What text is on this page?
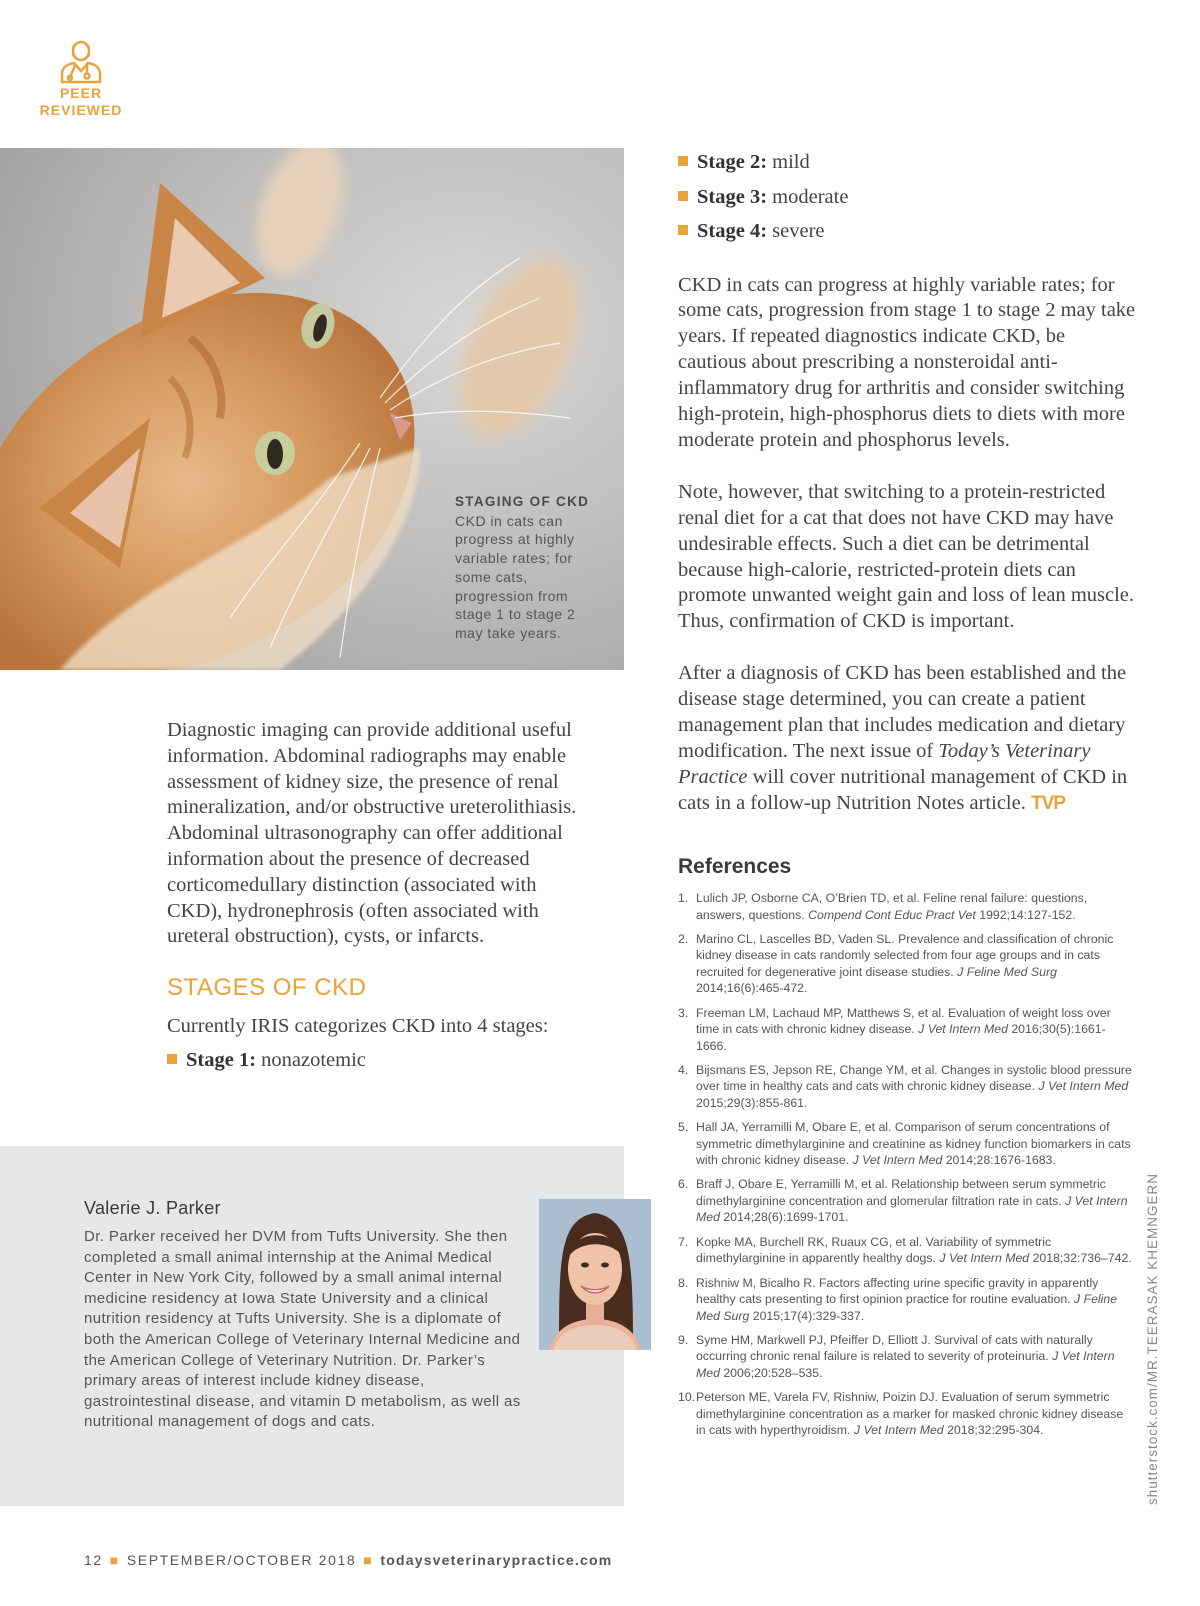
PEER
REVIEWED
STAGING OF CKD
CKD in cats can progress at highly variable rates; for some cats, progression from stage 1 to stage 2 may take years.
Diagnostic imaging can provide additional useful information. Abdominal radiographs may enable assessment of kidney size, the presence of renal mineralization, and/or obstructive ureterolithiasis. Abdominal ultrasonography can offer additional information about the presence of decreased corticomedullary distinction (associated with CKD), hydronephrosis (often associated with ureteral obstruction), cysts, or infarcts.
STAGES OF CKD
Currently IRIS categorizes CKD into 4 stages:
Stage 1: nonazotemic
Stage 2: mild
Stage 3: moderate
Stage 4: severe

CKD in cats can progress at highly variable rates; for some cats, progression from stage 1 to stage 2 may take years. If repeated diagnostics indicate CKD, be cautious about prescribing a nonsteroidal anti-inflammatory drug for arthritis and consider switching high-protein, high-phosphorus diets to diets with more moderate protein and phosphorus levels.

Note, however, that switching to a protein-restricted renal diet for a cat that does not have CKD may have undesirable effects. Such a diet can be detrimental because high-calorie, restricted-protein diets can promote unwanted weight gain and loss of lean muscle. Thus, confirmation of CKD is important.

After a diagnosis of CKD has been established and the disease stage determined, you can create a patient management plan that includes medication and dietary modification. The next issue of Today’s Veterinary Practice will cover nutritional management of CKD in cats in a follow-up Nutrition Notes article. TVP

References
1. Lulich JP, Osborne CA, O’Brien TD, et al. Feline renal failure: questions, answers, questions. Compend Cont Educ Pract Vet 1992;14:127-152.
2. Marino CL, Lascelles BD, Vaden SL. Prevalence and classification of chronic kidney disease in cats randomly selected from four age groups and in cats recruited for degenerative joint disease studies. J Feline Med Surg 2014;16(6):465-472.
3. Freeman LM, Lachaud MP, Matthews S, et al. Evaluation of weight loss over time in cats with chronic kidney disease. J Vet Intern Med 2016;30(5):1661-1666.
4. Bijsmans ES, Jepson RE, Change YM, et al. Changes in systolic blood pressure over time in healthy cats and cats with chronic kidney disease. J Vet Intern Med 2015;29(3):855-861.
5. Hall JA, Yerramilli M, Obare E, et al. Comparison of serum concentrations of symmetric dimethylarginine and creatinine as kidney function biomarkers in cats with chronic kidney disease. J Vet Intern Med 2014;28:1676-1683.
6. Braff J, Obare E, Yerramilli M, et al. Relationship between serum symmetric dimethylarginine concentration and glomerular filtration rate in cats. J Vet Intern Med 2014;28(6):1699-1701.
7. Kopke MA, Burchell RK, Ruaux CG, et al. Variability of symmetric dimethylarginine in apparently healthy dogs. J Vet Intern Med 2018;32:736–742.
8. Rishniw M, Bicalho R. Factors affecting urine specific gravity in apparently healthy cats presenting to first opinion practice for routine evaluation. J Feline Med Surg 2015;17(4):329-337.
9. Syme HM, Markwell PJ, Pfeiffer D, Elliott J. Survival of cats with naturally occurring chronic renal failure is related to severity of proteinuria. J Vet Intern Med 2006;20:528–535.
10. Peterson ME, Varela FV, Rishniw, Poizin DJ. Evaluation of serum symmetric dimethylarginine concentration as a marker for masked chronic kidney disease in cats with hyperthyroidism. J Vet Intern Med 2018;32:295-304.
Valerie J. Parker
Dr. Parker received her DVM from Tufts University. She then completed a small animal internship at the Animal Medical Center in New York City, followed by a small animal internal medicine residency at Iowa State University and a clinical nutrition residency at Tufts University. She is a diplomate of both the American College of Veterinary Internal Medicine and the American College of Veterinary Nutrition. Dr. Parker’s primary areas of interest include kidney disease, gastrointestinal disease, and vitamin D metabolism, as well as nutritional management of dogs and cats.	shutterstock.com/MR.TEERASAK KHEMNGERN
12 ■ SEPTEMBER/OCTOBER 2018 ■ todaysveterinarypractice.com
